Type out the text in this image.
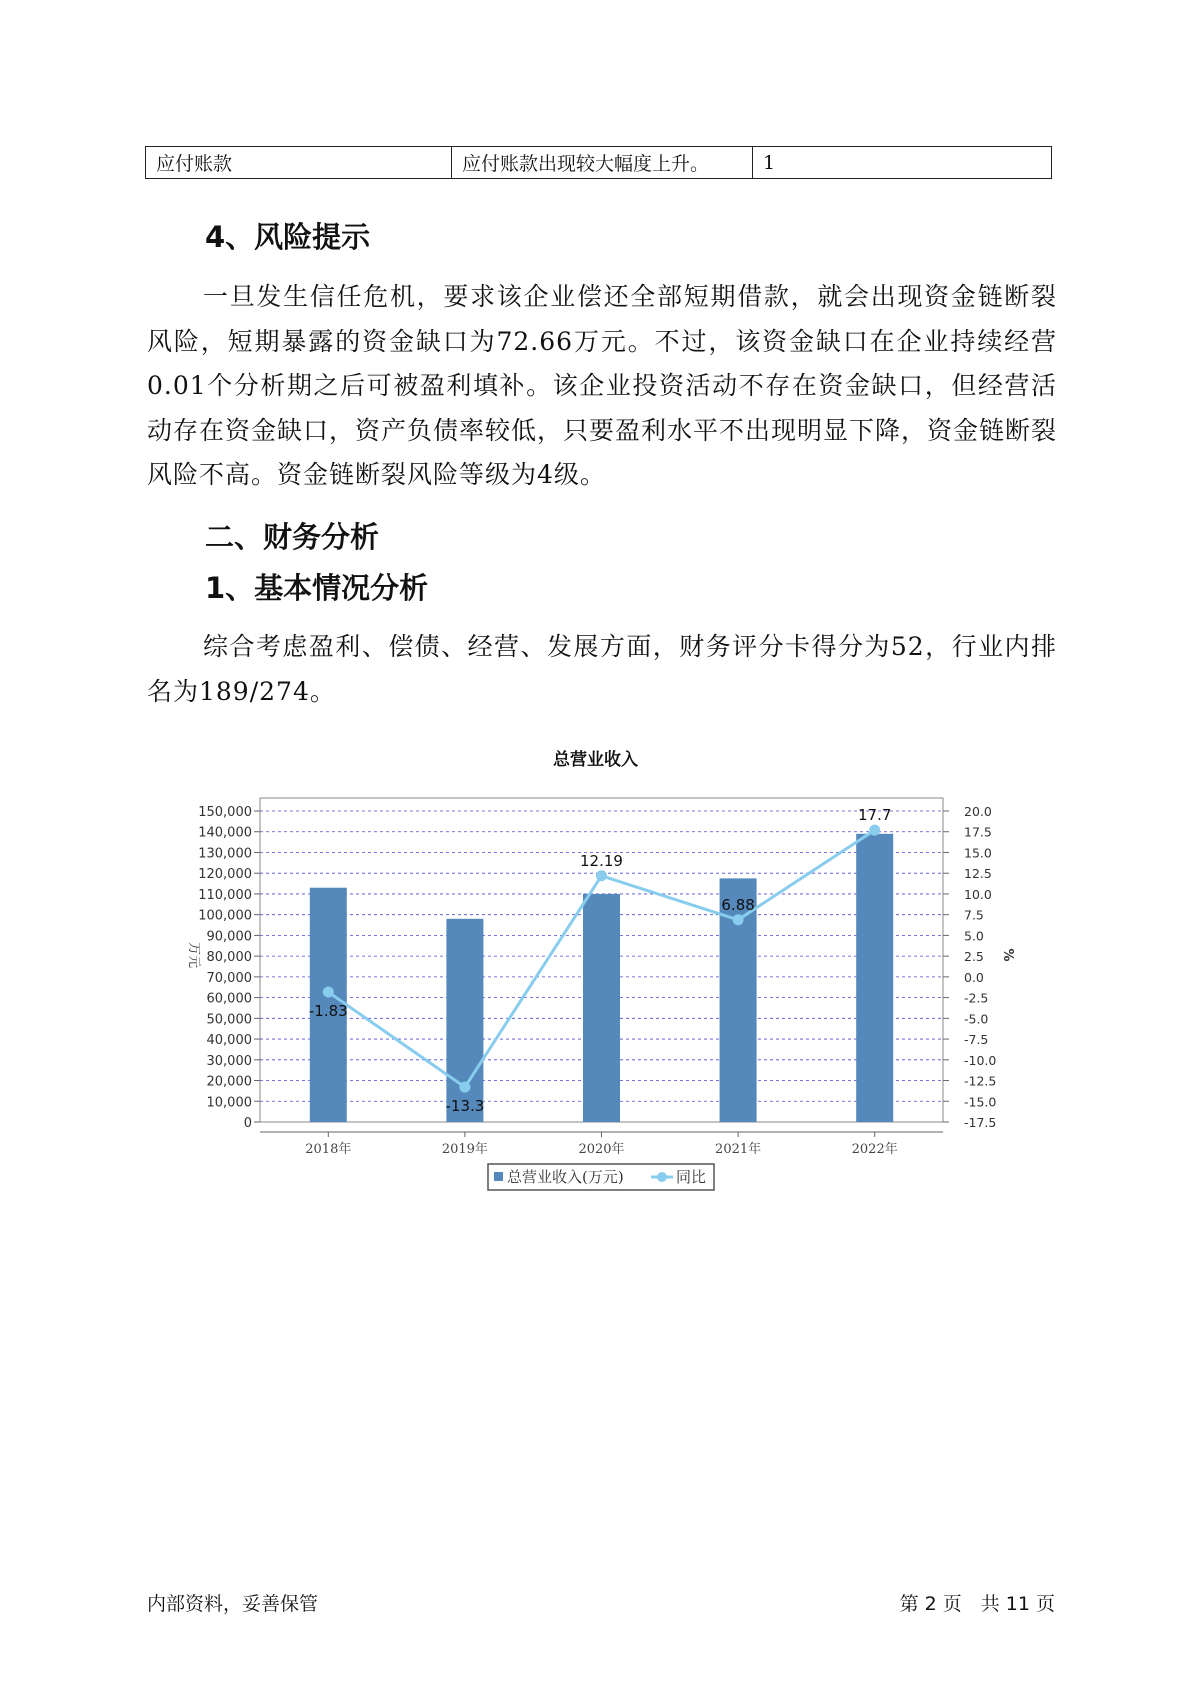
应付账款	应付账款出现较大幅度上升。	1
4、风险提示

一旦发生信任危机，要求该企业偿还全部短期借款，就会出现资金链断裂风险，短期暴露的资金缺口为72.66万元。不过，该资金缺口在企业持续经营 0.01个分析期之后可被盈利填补。该企业投资活动不存在资金缺口，但经营活动存在资金缺口，资产负债率较低，只要盈利水平不出现明显下降，资金链断裂风险不高。资金链断裂风险等级为4级。

二、财务分析
1、基本情况分析

综合考虑盈利、偿债、经营、发展方面，财务评分卡得分为52，行业内排名为189/274。

总营业收入
0
10,000
20,000
30,000
40,000
50,000
60,000
70,000
80,000
90,000
100,000
110,000
120,000
130,000
140,000
150,000
-17.5
-15.0
-12.5
-10.0
-7.5
-5.0
-2.5
0.0
2.5
5.0
7.5
10.0
12.5
15.0
17.5
20.0
万元	%
2018年	2019年	2020年	2021年	2022年
-1.83
-13.3
12.19
6.88
17.7
总营业收入(万元)	同比
内部资料，妥善保管	第 2 页　共 11 页
